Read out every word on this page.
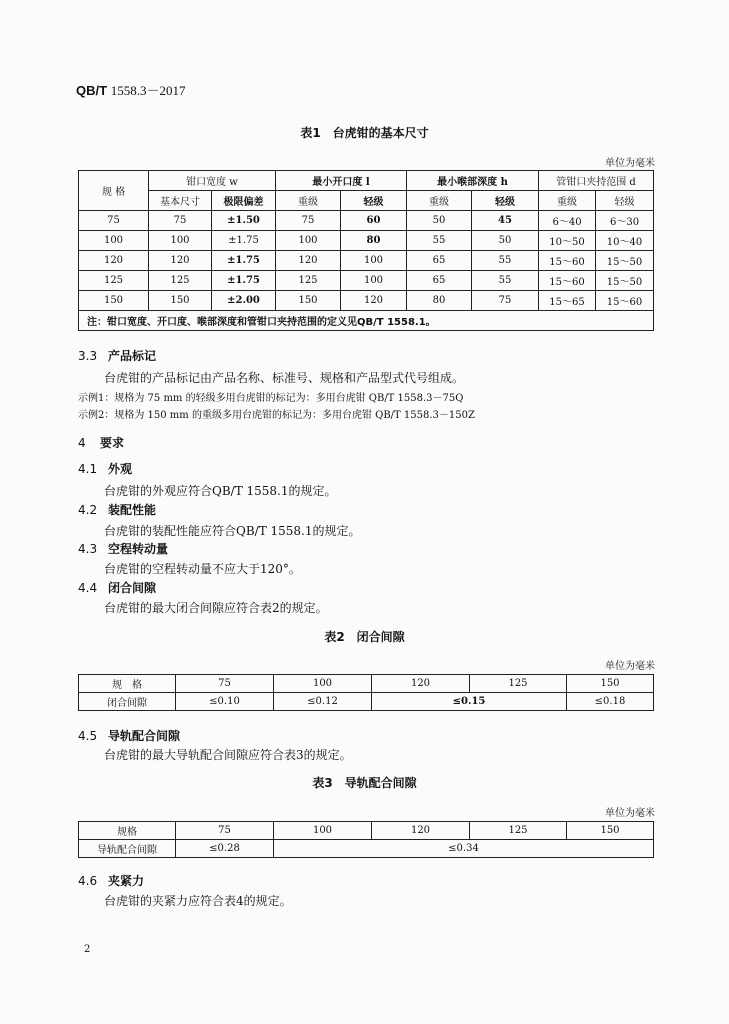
QB/T 1558.3－2017
表1　台虎钳的基本尺寸
单位为毫米
规 格	钳口宽度 w		最小开口度 l		最小喉部深度 h		管钳口夹持范围 d	
	基本尺寸	极限偏差	重级	轻级	重级	轻级	重级	轻级
75	75	±1.50	75	60	50	45	6～40	6～30
100	100	±1.75	100	80	55	50	10～50	10～40
120	120	±1.75	120	100	65	55	15～60	15～50
125	125	±1.75	125	100	65	55	15～60	15～50
150	150	±2.00	150	120	80	75	15～65	15～60
注：钳口宽度、开口度、喉部深度和管钳口夹持范围的定义见QB/T 1558.1。								
3.3 产品标记
台虎钳的产品标记由产品名称、标准号、规格和产品型式代号组成。
示例1：规格为 75 mm 的轻级多用台虎钳的标记为：多用台虎钳 QB/T 1558.3－75Q
示例2：规格为 150 mm 的重级多用台虎钳的标记为：多用台虎钳 QB/T 1558.3－150Z
4 要求
4.1 外观
台虎钳的外观应符合QB/T 1558.1的规定。
4.2 装配性能
台虎钳的装配性能应符合QB/T 1558.1的规定。
4.3 空程转动量
台虎钳的空程转动量不应大于120°。
4.4 闭合间隙
台虎钳的最大闭合间隙应符合表2的规定。
表2　闭合间隙
单位为毫米
规　格	75	100	120	125	150
闭合间隙	≤0.10	≤0.12	≤0.15		≤0.18
4.5 导轨配合间隙
台虎钳的最大导轨配合间隙应符合表3的规定。
表3　导轨配合间隙
单位为毫米
规格	75	100	120	125	150
导轨配合间隙	≤0.28	≤0.34			
4.6 夹紧力
台虎钳的夹紧力应符合表4的规定。
2
